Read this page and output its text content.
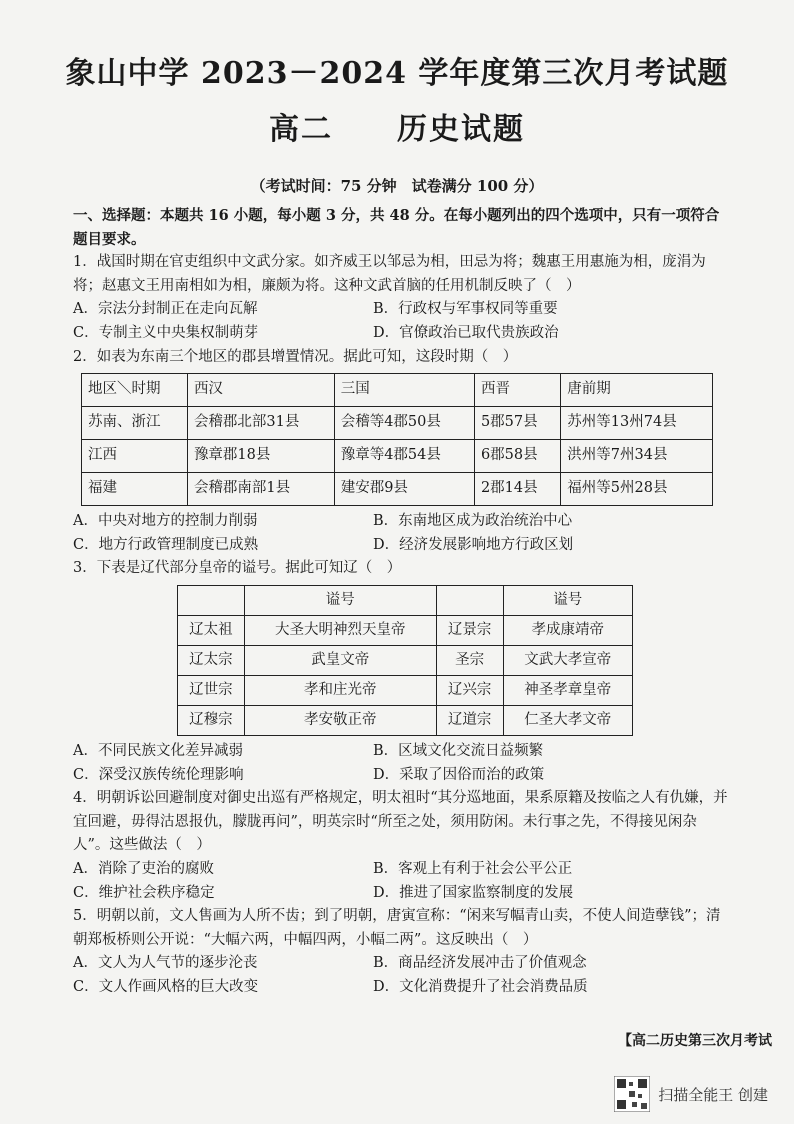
象山中学 2023－2024 学年度第三次月考试题
高二　　历史试题
（考试时间：75 分钟　试卷满分 100 分）

一、选择题：本题共 16 小题，每小题 3 分，共 48 分。在每小题列出的四个选项中，只有一项符合题目要求。

1．战国时期在官吏组织中文武分家。如齐威王以邹忌为相，田忌为将；魏惠王用惠施为相，庞涓为将；赵惠文王用南相如为相，廉颇为将。这种文武首脑的任用机制反映了（　）

A．宗法分封制正在走向瓦解	B．行政权与军事权同等重要
C．专制主义中央集权制萌芽	D．官僚政治已取代贵族政治

2．如表为东南三个地区的郡县增置情况。据此可知，这段时期（　）

地区＼时期	西汉	三国	西晋	唐前期
苏南、浙江	会稽郡北部31县	会稽等4郡50县	5郡57县	苏州等13州74县
江西	豫章郡18县	豫章等4郡54县	6郡58县	洪州等7州34县
福建	会稽郡南部1县	建安郡9县	2郡14县	福州等5州28县
A．中央对地方的控制力削弱	B．东南地区成为政治统治中心
C．地方行政管理制度已成熟	D．经济发展影响地方行政区划

3．下表是辽代部分皇帝的谥号。据此可知辽（　）

	谥号		谥号
辽太祖	大圣大明神烈天皇帝	辽景宗	孝成康靖帝
辽太宗	武皇文帝	圣宗	文武大孝宣帝
辽世宗	孝和庄光帝	辽兴宗	神圣孝章皇帝
辽穆宗	孝安敬正帝	辽道宗	仁圣大孝文帝
A．不同民族文化差异减弱	B．区域文化交流日益频繁
C．深受汉族传统伦理影响	D．采取了因俗而治的政策

4．明朝诉讼回避制度对御史出巡有严格规定，明太祖时“其分巡地面，果系原籍及按临之人有仇嫌，并宜回避，毋得沽恩报仇，朦胧再问”，明英宗时“所至之处，须用防闲。未行事之先，不得接见闲杂人”。这些做法（　）

A．消除了吏治的腐败	B．客观上有利于社会公平公正
C．维护社会秩序稳定	D．推进了国家监察制度的发展

5．明朝以前，文人售画为人所不齿；到了明朝，唐寅宣称：“闲来写幅青山卖，不使人间造孽钱”；清朝郑板桥则公开说：“大幅六两，中幅四两，小幅二两”。这反映出（　）

A．文人为人气节的逐步沦丧	B．商品经济发展冲击了价值观念
C．文人作画风格的巨大改变	D．文化消费提升了社会消费品质
【高二历史第三次月考试
扫描全能王 创建
